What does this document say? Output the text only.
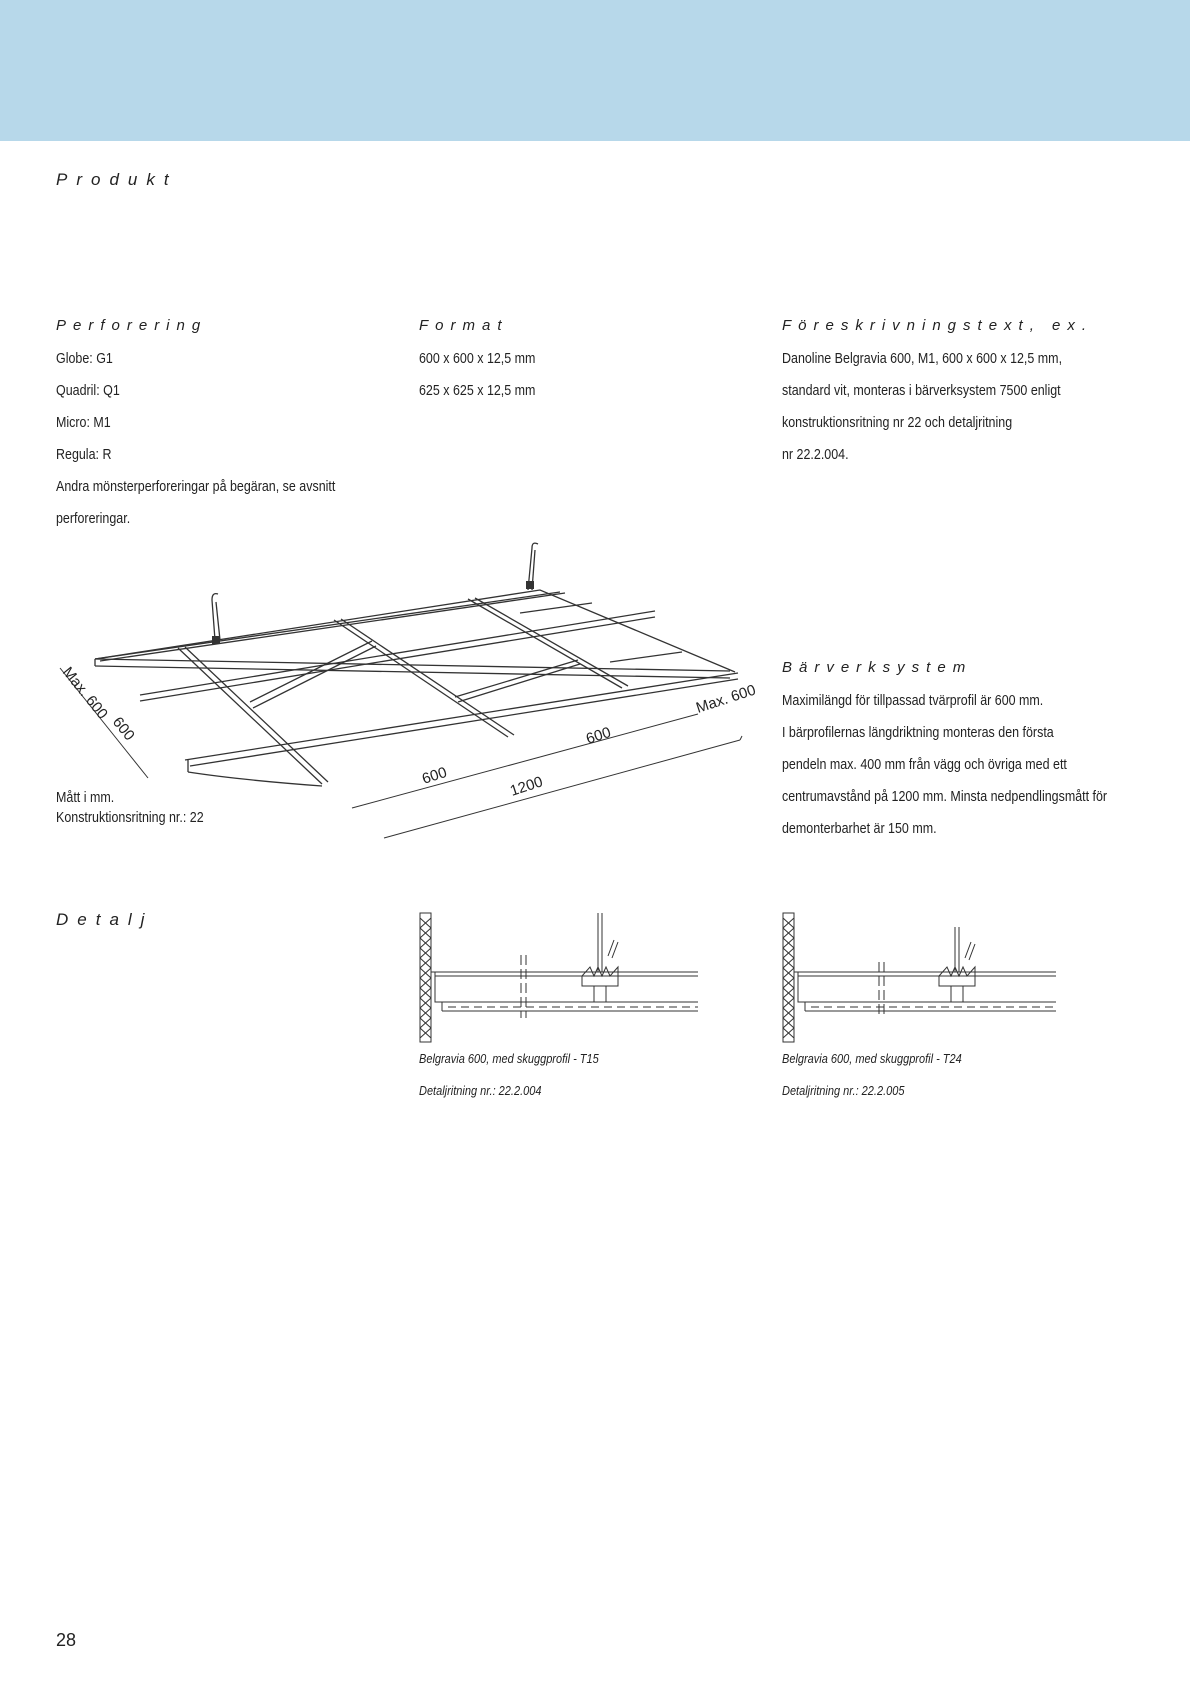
Produkt
Perforering
Globe: G1
Quadril: Q1
Micro: M1
Regula: R
Andra mönsterperforeringar på begäran, se avsnitt
perforeringar.
Format
600 x 600 x 12,5 mm
625 x 625 x 12,5 mm
Föreskrivningstext, ex.
Danoline Belgravia 600, M1, 600 x 600 x 12,5 mm,
standard vit, monteras i bärverksystem 7500 enligt
konstruktionsritning nr 22 och detaljritning
nr 22.2.004.
Max. 600
600
Max. 600
600
600	1200
Mått i mm.
Konstruktionsritning nr.: 22
Bärverksystem
Maximilängd för tillpassad tvärprofil är 600 mm.
I bärprofilernas längdriktning monteras den första
pendeln max. 400 mm från vägg och övriga med ett
centrumavstånd på 1200 mm. Minsta nedpendlingsmått för
demonterbarhet är 150 mm.
Detalj
Belgravia 600, med skuggprofil - T15
Detaljritning nr.: 22.2.004
Belgravia 600, med skuggprofil - T24
Detaljritning nr.: 22.2.005
28
